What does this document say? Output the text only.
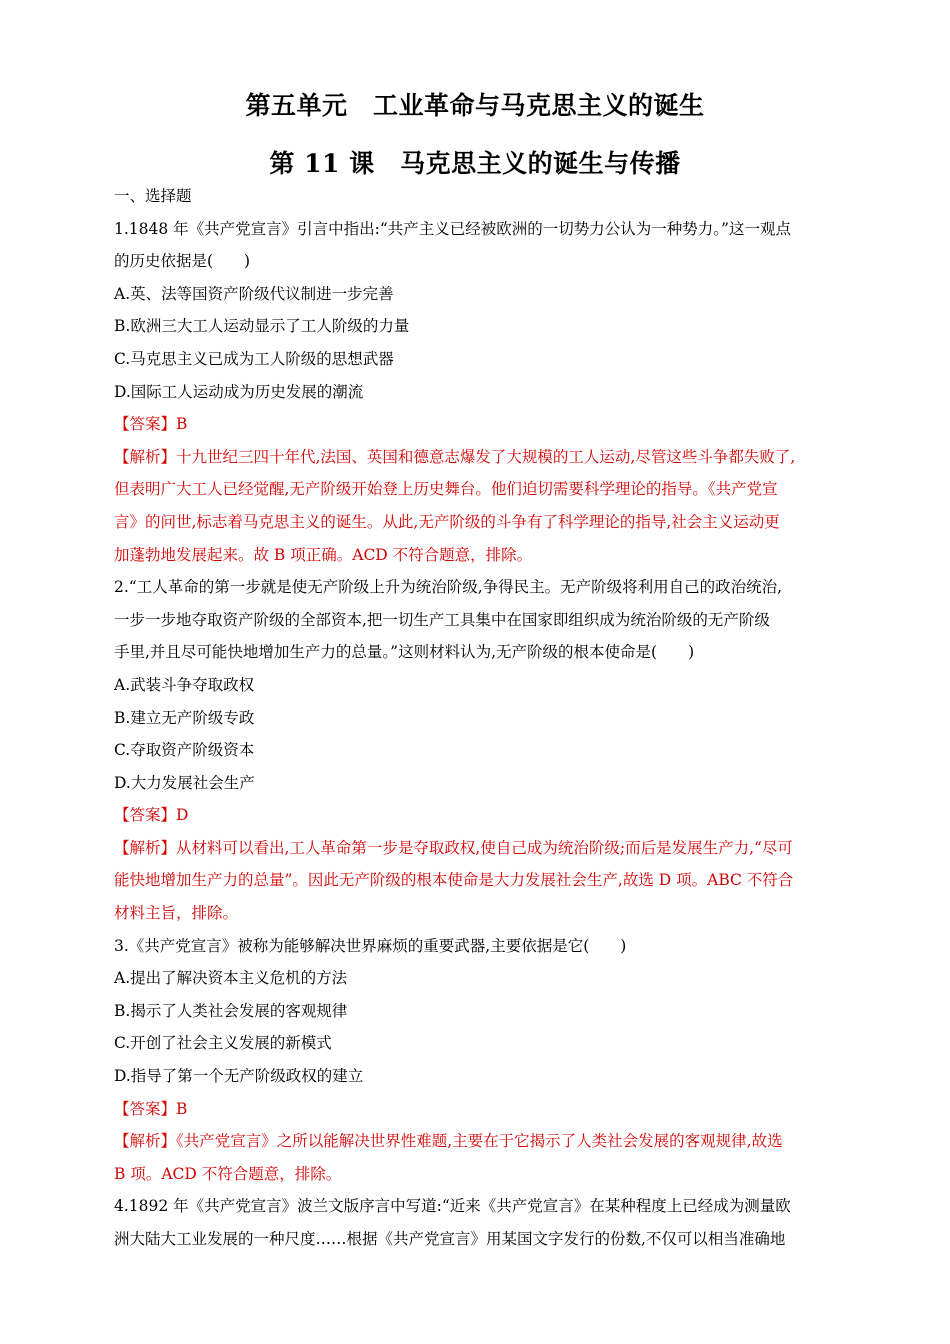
第五单元　工业革命与马克思主义的诞生
第 11 课　马克思主义的诞生与传播

一、选择题

1.1848 年《共产党宣言》引言中指出:“共产主义已经被欧洲的一切势力公认为一种势力。”这一观点

的历史依据是(　　)

A.英、法等国资产阶级代议制进一步完善

B.欧洲三大工人运动显示了工人阶级的力量

C.马克思主义已成为工人阶级的思想武器

D.国际工人运动成为历史发展的潮流

【答案】B

【解析】十九世纪三四十年代,法国、英国和德意志爆发了大规模的工人运动,尽管这些斗争都失败了,

但表明广大工人已经觉醒,无产阶级开始登上历史舞台。他们迫切需要科学理论的指导。《共产党宣

言》的问世,标志着马克思主义的诞生。从此,无产阶级的斗争有了科学理论的指导,社会主义运动更

加蓬勃地发展起来。故 B 项正确。ACD 不符合题意，排除。

2.“工人革命的第一步就是使无产阶级上升为统治阶级,争得民主。无产阶级将利用自己的政治统治,

一步一步地夺取资产阶级的全部资本,把一切生产工具集中在国家即组织成为统治阶级的无产阶级

手里,并且尽可能快地增加生产力的总量。”这则材料认为,无产阶级的根本使命是(　　)

A.武装斗争夺取政权

B.建立无产阶级专政

C.夺取资产阶级资本

D.大力发展社会生产

【答案】D

【解析】从材料可以看出,工人革命第一步是夺取政权,使自己成为统治阶级;而后是发展生产力,“尽可

能快地增加生产力的总量”。因此无产阶级的根本使命是大力发展社会生产,故选 D 项。ABC 不符合

材料主旨，排除。

3.《共产党宣言》被称为能够解决世界麻烦的重要武器,主要依据是它(　　)

A.提出了解决资本主义危机的方法

B.揭示了人类社会发展的客观规律

C.开创了社会主义发展的新模式

D.指导了第一个无产阶级政权的建立

【答案】B

【解析】《共产党宣言》之所以能解决世界性难题,主要在于它揭示了人类社会发展的客观规律,故选

B 项。ACD 不符合题意，排除。

4.1892 年《共产党宣言》波兰文版序言中写道:“近来《共产党宣言》在某种程度上已经成为测量欧

洲大陆大工业发展的一种尺度……根据《共产党宣言》用某国文字发行的份数,不仅可以相当准确地
